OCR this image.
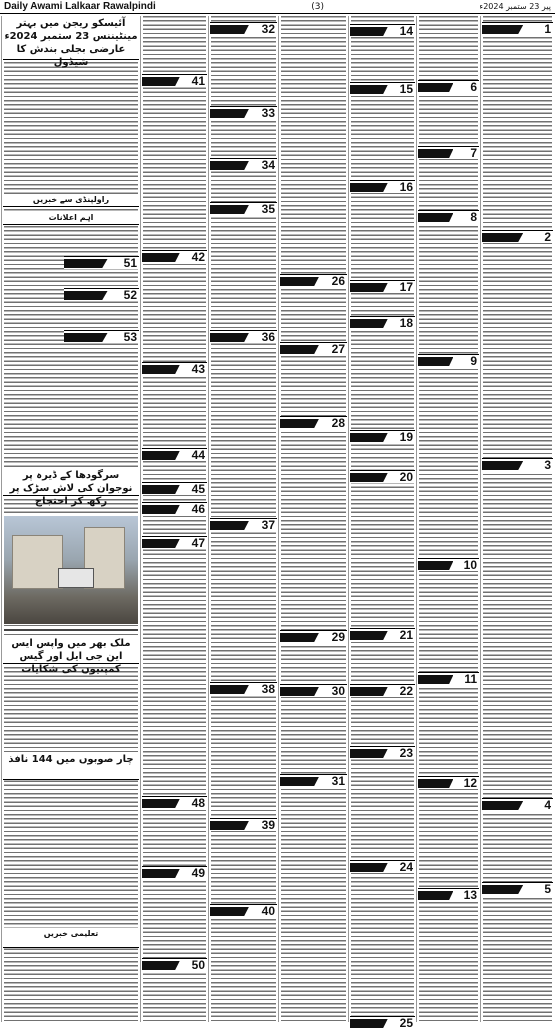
Daily Awami Lalkaar Rawalpindi	(3)	پیر 23 ستمبر 2024ء
1
2
3
4
5
6
7
8
9
10
11
12
13
14
15
16
17
18
19
20
21
22
23
24
25
26
27
28
29
30
31
32
33
34
35
36
37
38
39
40
41
42
43
44
45
46
47
48
49
50
آئیسکو ریجن میں بہتر مینٹیننس 23 ستمبر 2024ء عارضی بجلی بندش کا شیڈول
راولپنڈی سے خبریں
اہم اعلانات
سرگودھا کے ڈیرہ پر نوجوان کی لاش سڑک پر رکھ کر احتجاج
ملک بھر میں واپس ایس این جی ایل اور گیس کمپنیوں کی شکایات
چار صوبوں میں 144 نافذ
تعلیمی خبریں
51
52
53
